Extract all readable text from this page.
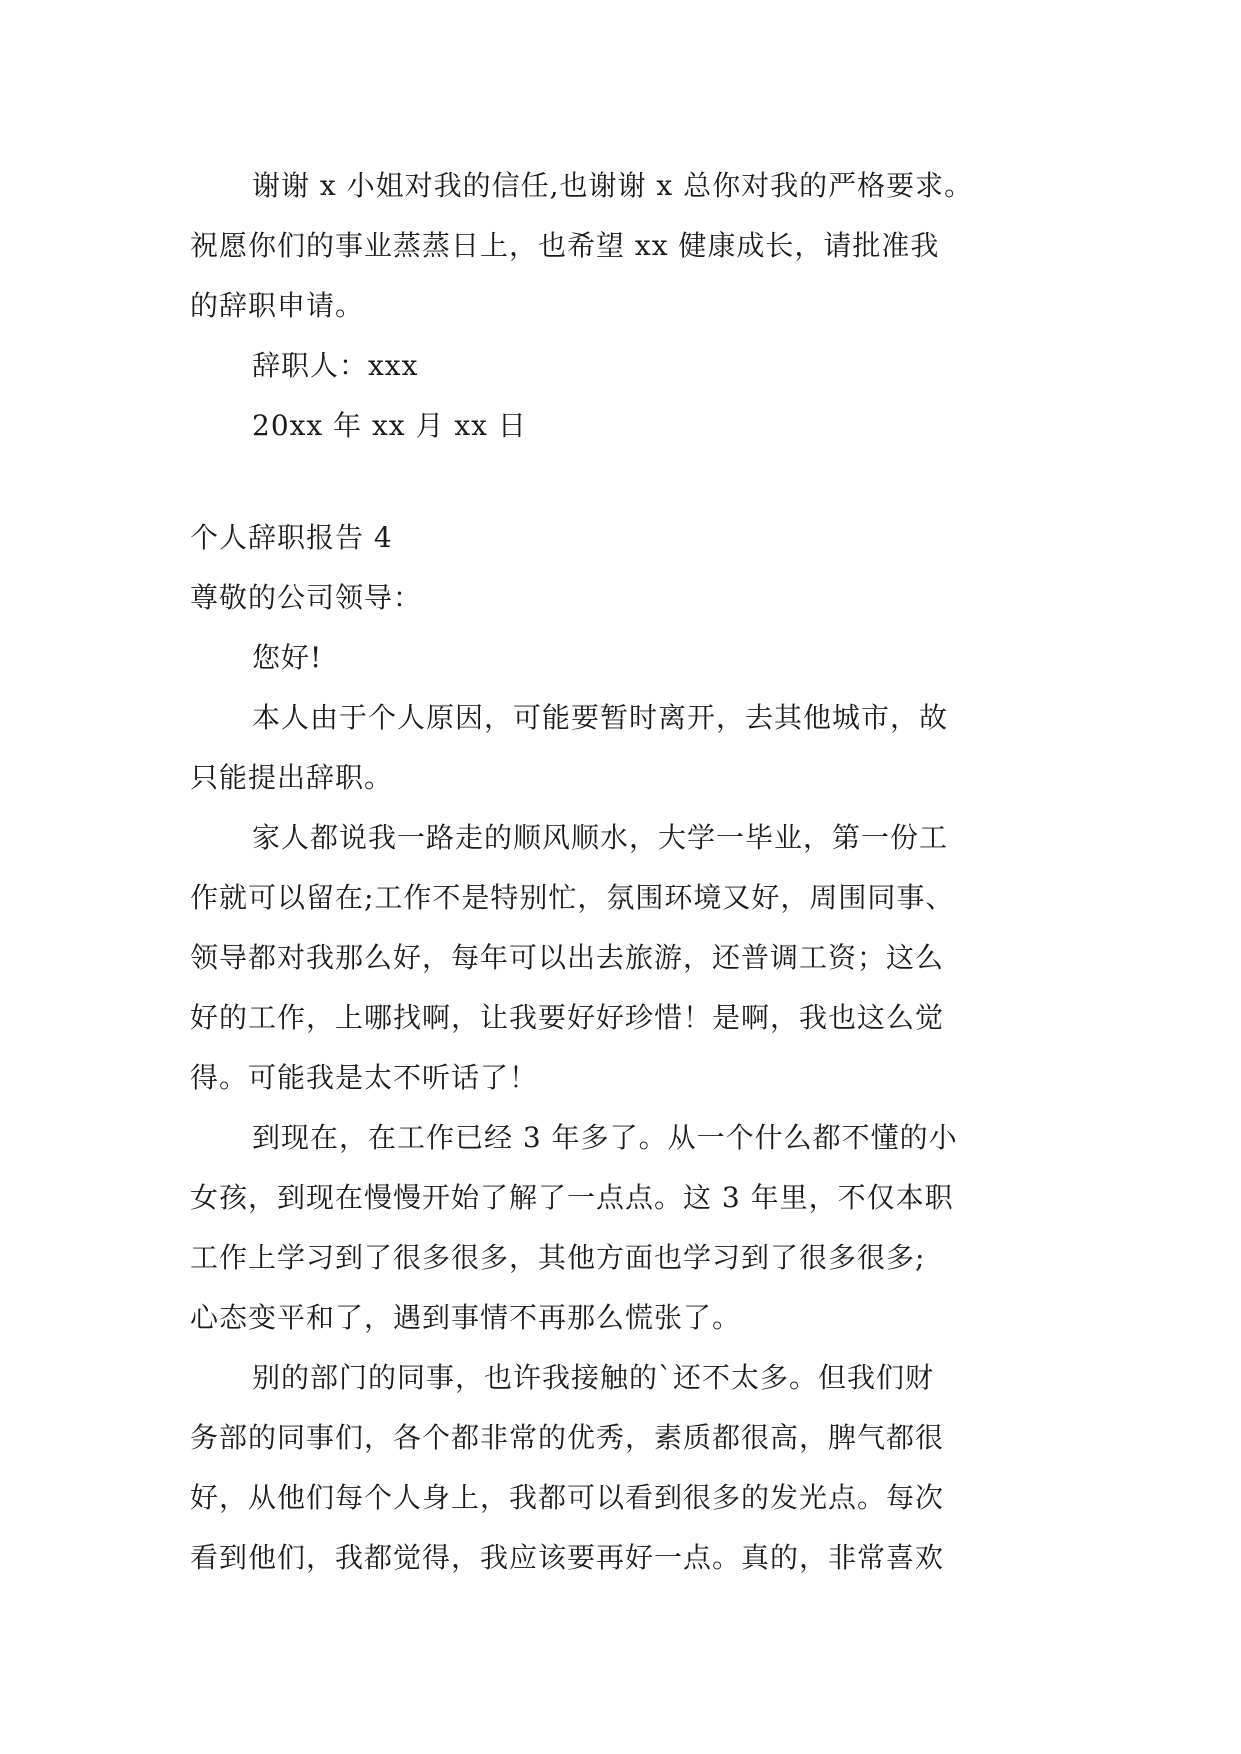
谢谢 x 小姐对我的信任,也谢谢 x 总你对我的严格要求。
祝愿你们的事业蒸蒸日上，也希望 xx 健康成长，请批准我
的辞职申请。
辞职人：xxx
20xx 年 xx 月 xx 日
个人辞职报告 4
尊敬的公司领导：
您好!
本人由于个人原因，可能要暂时离开，去其他城市，故
只能提出辞职。
家人都说我一路走的顺风顺水，大学一毕业，第一份工
作就可以留在;工作不是特别忙，氛围环境又好，周围同事、
领导都对我那么好，每年可以出去旅游，还普调工资；这么
好的工作，上哪找啊，让我要好好珍惜！是啊，我也这么觉
得。可能我是太不听话了！
到现在，在工作已经 3 年多了。从一个什么都不懂的小
女孩，到现在慢慢开始了解了一点点。这 3 年里，不仅本职
工作上学习到了很多很多，其他方面也学习到了很多很多;
心态变平和了，遇到事情不再那么慌张了。
别的部门的同事，也许我接触的`还不太多。但我们财
务部的同事们，各个都非常的优秀，素质都很高，脾气都很
好，从他们每个人身上，我都可以看到很多的发光点。每次
看到他们，我都觉得，我应该要再好一点。真的，非常喜欢
